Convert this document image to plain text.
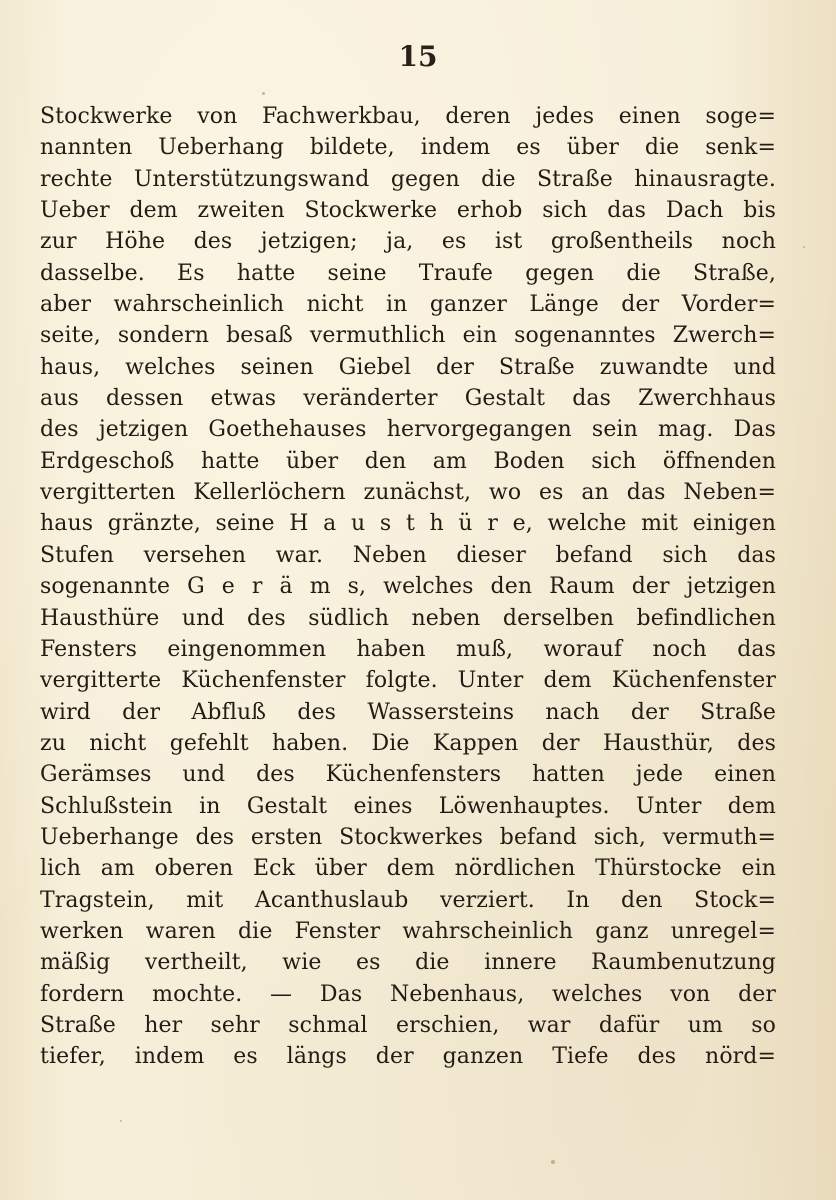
15
Stockwerke von Fachwerkbau, deren jedes einen soge=
nannten Ueberhang bildete, indem es über die senk=
rechte Unterstützungswand gegen die Straße hinausragte.
Ueber dem zweiten Stockwerke erhob sich das Dach bis
zur Höhe des jetzigen; ja, es ist großentheils noch
dasselbe. Es hatte seine Traufe gegen die Straße,
aber wahrscheinlich nicht in ganzer Länge der Vorder=
seite, sondern besaß vermuthlich ein sogenanntes Zwerch=
haus, welches seinen Giebel der Straße zuwandte und
aus dessen etwas veränderter Gestalt das Zwerchhaus
des jetzigen Goethehauses hervorgegangen sein mag. Das
Erdgeschoß hatte über den am Boden sich öffnenden
vergitterten Kellerlöchern zunächst, wo es an das Neben=
haus gränzte, seine H a u s t h ü r e, welche mit einigen
Stufen versehen war. Neben dieser befand sich das
sogenannte G e r ä m s, welches den Raum der jetzigen
Hausthüre und des südlich neben derselben befindlichen
Fensters eingenommen haben muß, worauf noch das
vergitterte Küchenfenster folgte. Unter dem Küchenfenster
wird der Abfluß des Wassersteins nach der Straße
zu nicht gefehlt haben. Die Kappen der Hausthür, des
Gerämses und des Küchenfensters hatten jede einen
Schlußstein in Gestalt eines Löwenhauptes. Unter dem
Ueberhange des ersten Stockwerkes befand sich, vermuth=
lich am oberen Eck über dem nördlichen Thürstocke ein
Tragstein, mit Acanthuslaub verziert. In den Stock=
werken waren die Fenster wahrscheinlich ganz unregel=
mäßig vertheilt, wie es die innere Raumbenutzung
fordern mochte. — Das Nebenhaus, welches von der
Straße her sehr schmal erschien, war dafür um so
tiefer, indem es längs der ganzen Tiefe des nörd=
